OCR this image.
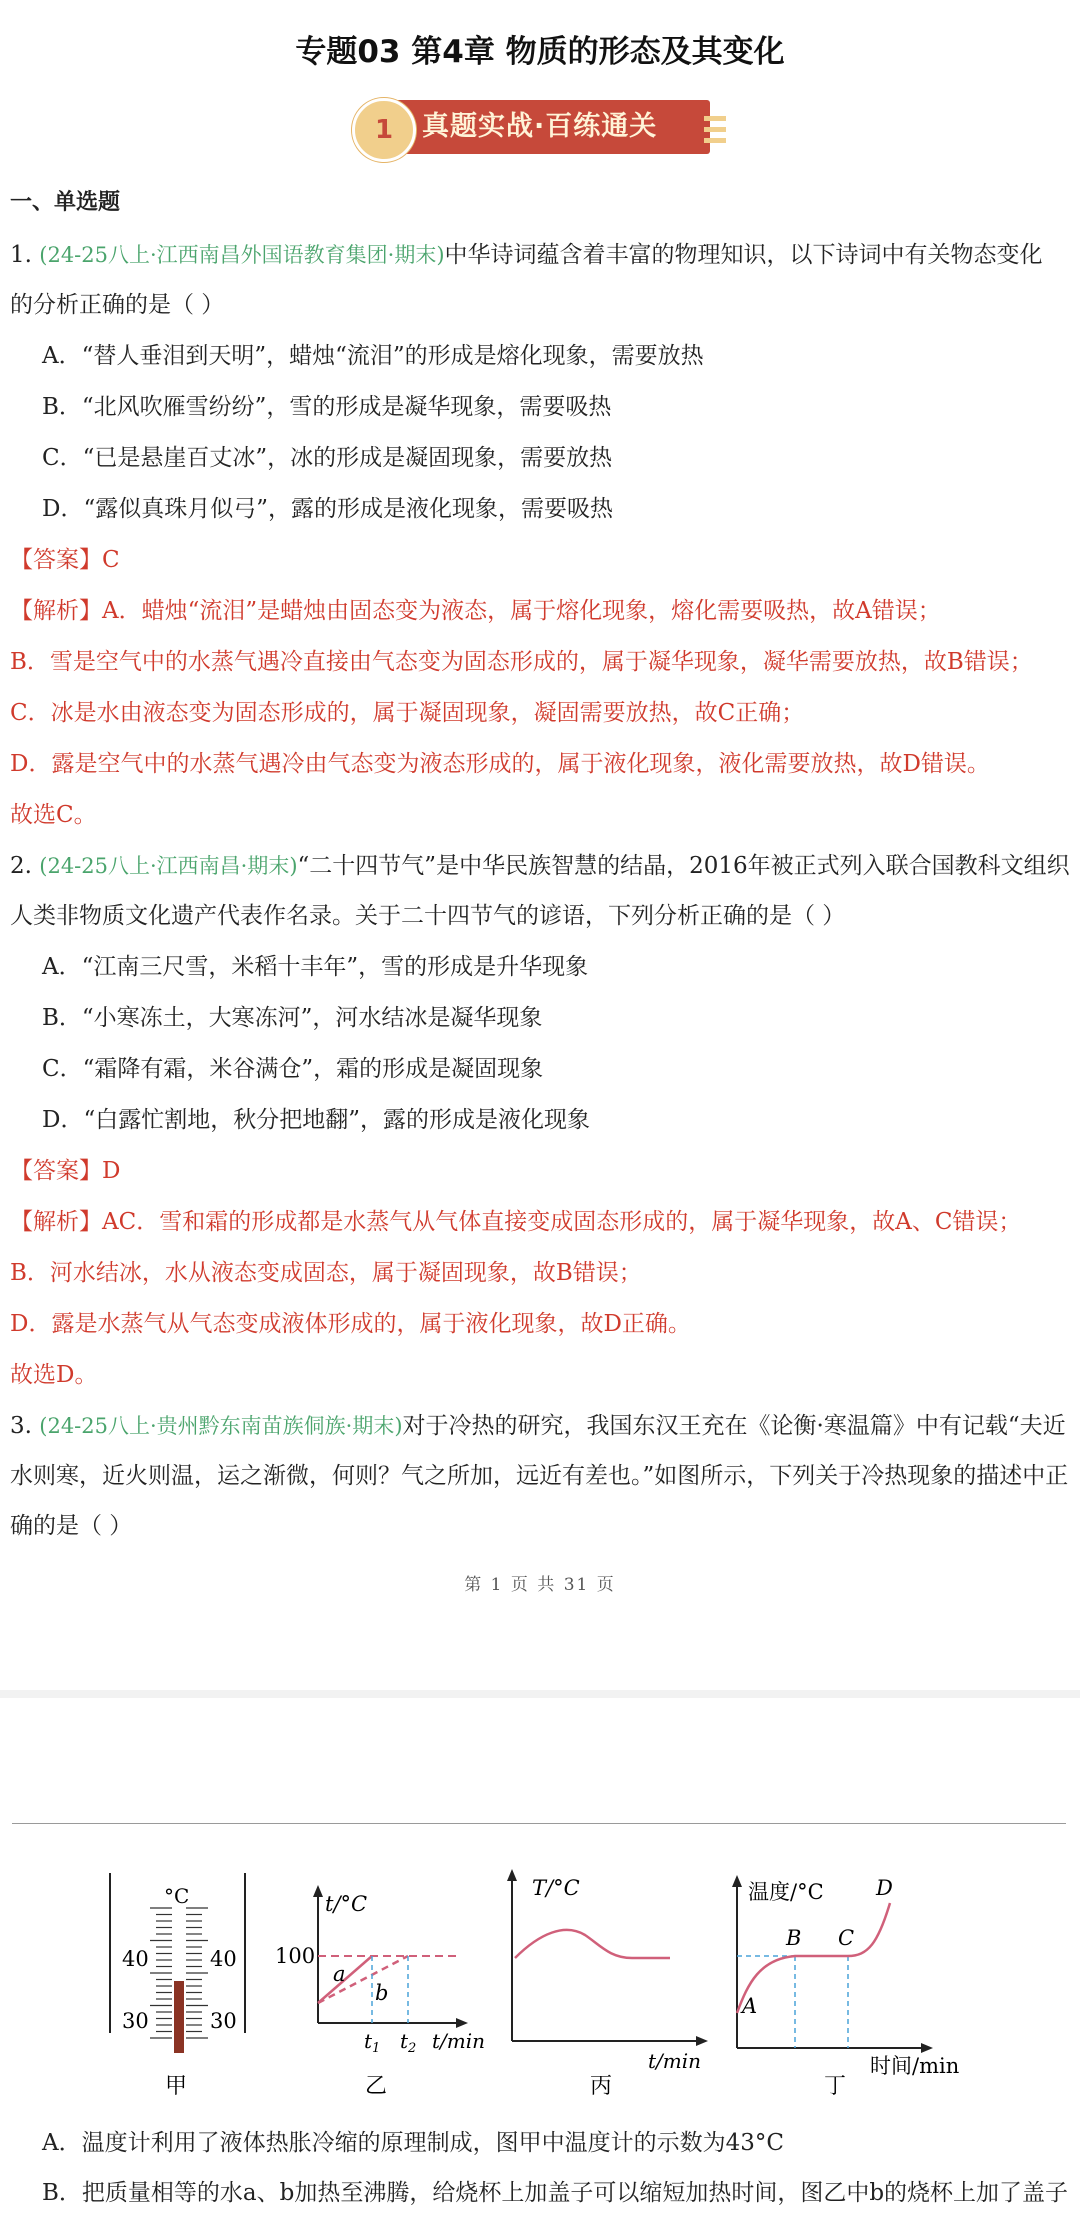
专题03 第4章 物质的形态及其变化
1	真题实战·百练通关
一、单选题
1. (24-25八上·江西南昌外国语教育集团·期末)中华诗词蕴含着丰富的物理知识，以下诗词中有关物态变化
的分析正确的是（ ）
A．“替人垂泪到天明”，蜡烛“流泪”的形成是熔化现象，需要放热
B．“北风吹雁雪纷纷”，雪的形成是凝华现象，需要吸热
C．“已是悬崖百丈冰”，冰的形成是凝固现象，需要放热
D．“露似真珠月似弓”，露的形成是液化现象，需要吸热
【答案】C
【解析】A．蜡烛“流泪”是蜡烛由固态变为液态，属于熔化现象，熔化需要吸热，故A错误；
B．雪是空气中的水蒸气遇冷直接由气态变为固态形成的，属于凝华现象，凝华需要放热，故B错误；
C．冰是水由液态变为固态形成的，属于凝固现象，凝固需要放热，故C正确；
D．露是空气中的水蒸气遇冷由气态变为液态形成的，属于液化现象，液化需要放热，故D错误。
故选C。
2. (24-25八上·江西南昌·期末)“二十四节气”是中华民族智慧的结晶，2016年被正式列入联合国教科文组织
人类非物质文化遗产代表作名录。关于二十四节气的谚语，下列分析正确的是（ ）
A．“江南三尺雪，米稻十丰年”，雪的形成是升华现象
B．“小寒冻土，大寒冻河”，河水结冰是凝华现象
C．“霜降有霜，米谷满仓”，霜的形成是凝固现象
D．“白露忙割地，秋分把地翻”，露的形成是液化现象
【答案】D
【解析】AC．雪和霜的形成都是水蒸气从气体直接变成固态形成的，属于凝华现象，故A、C错误；
B．河水结冰，水从液态变成固态，属于凝固现象，故B错误；
D．露是水蒸气从气态变成液体形成的，属于液化现象，故D正确。
故选D。
3. (24-25八上·贵州黔东南苗族侗族·期末)对于冷热的研究，我国东汉王充在《论衡·寒温篇》中有记载“夫近
水则寒，近火则温，运之渐微，何则？气之所加，远近有差也。”如图所示，下列关于冷热现象的描述中正
确的是（ ）
第 1 页 共 31 页
°C
40	40
30	30
甲
t/°C
100
a
b
$t_1$ $t_2$ t/min
乙
T/°C
t/min
丙
温度/°C
A
B C
D
时间/min
丁
A．温度计利用了液体热胀冷缩的原理制成，图甲中温度计的示数为43°C
B．把质量相等的水a、b加热至沸腾，给烧杯上加盖子可以缩短加热时间，图乙中b的烧杯上加了盖子
